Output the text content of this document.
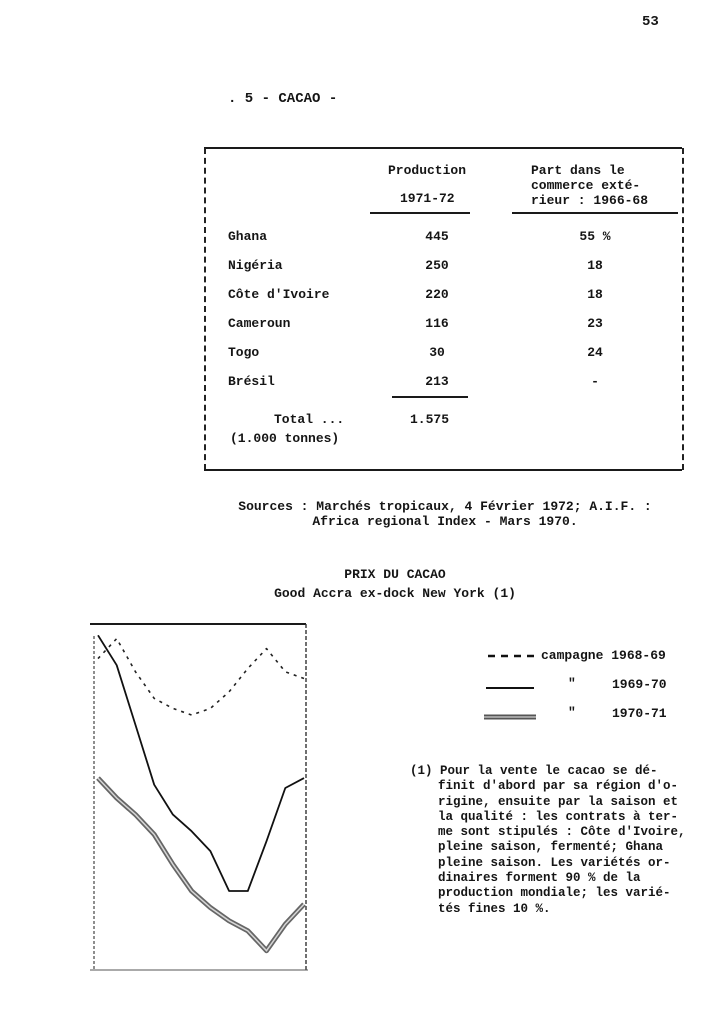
53
. 5 - CACAO -
Production
1971-72
Part dans le
commerce exté-
rieur : 1966-68
Ghana	445	55 %
Nigéria	250	18
Côte d'Ivoire	220	18
Cameroun	116	23
Togo	30	24
Brésil	213	-
Total ...	1.575
(1.000 tonnes)
Sources : Marchés tropicaux, 4 Février 1972; A.I.F. :
Africa regional Index - Mars 1970.
PRIX DU CACAO
Good Accra ex-dock New York (1)
campagne 1968-69
"	1969-70
"	1970-71
(1) Pour la vente le cacao se dé-
finit d'abord par sa région d'o-
rigine, ensuite par la saison et
la qualité : les contrats à ter-
me sont stipulés : Côte d'Ivoire,
pleine saison, fermenté; Ghana
pleine saison. Les variétés or-
dinaires forment 90 % de la
production mondiale; les varié-
tés fines 10 %.
